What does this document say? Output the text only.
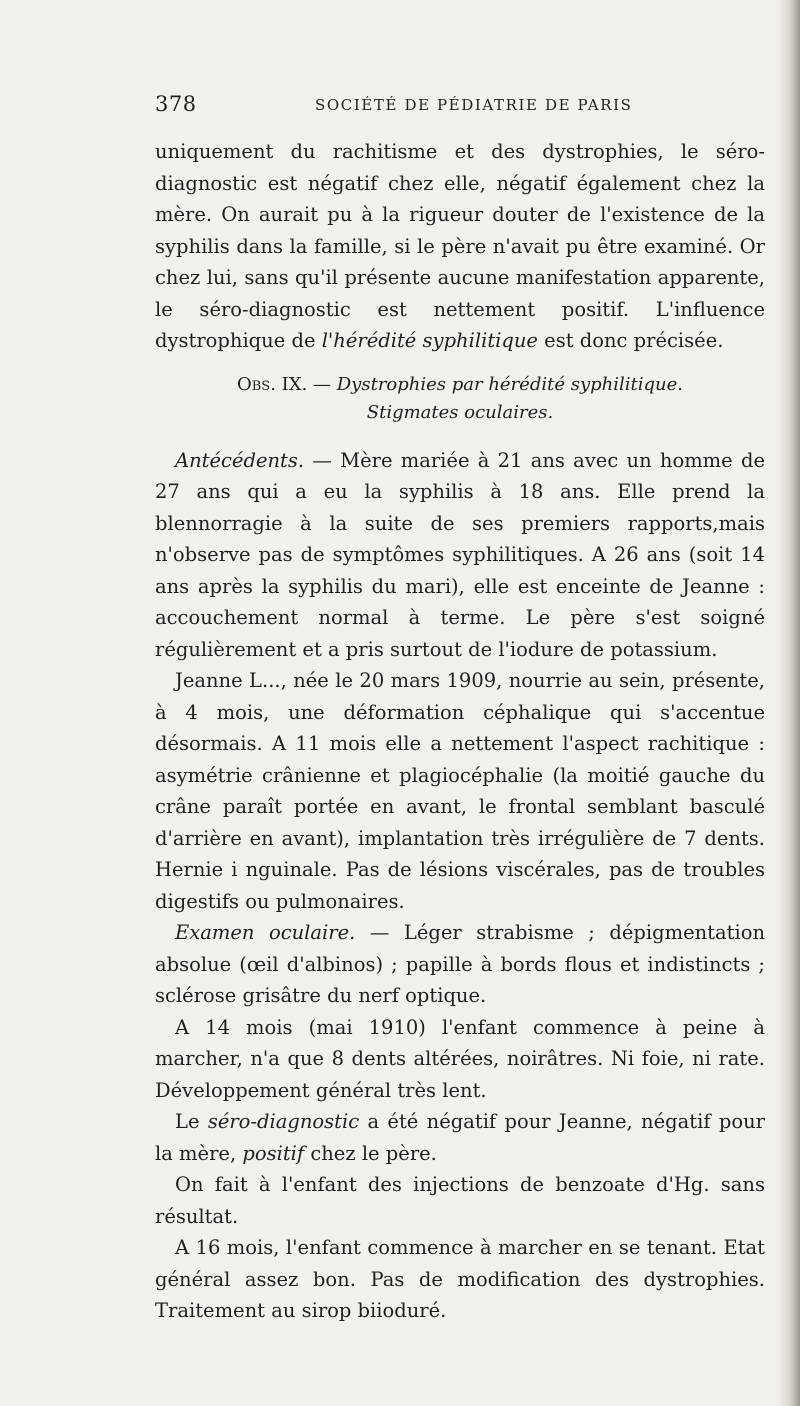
378	SOCIÉTÉ DE PÉDIATRIE DE PARIS

uniquement du rachitisme et des dystrophies, le séro-diagnostic est négatif chez elle, négatif également chez la mère. On aurait pu à la rigueur douter de l'existence de la syphilis dans la famille, si le père n'avait pu être examiné. Or chez lui, sans qu'il présente aucune manifestation apparente, le séro-diagnostic est nettement positif. L'influence dystrophique de l'hérédité syphilitique est donc précisée.

Obs. IX. — Dystrophies par hérédité syphilitique.
Stigmates oculaires.

Antécédents. — Mère mariée à 21 ans avec un homme de 27 ans qui a eu la syphilis à 18 ans. Elle prend la blennorragie à la suite de ses premiers rapports,mais n'observe pas de symptômes syphilitiques. A 26 ans (soit 14 ans après la syphilis du mari), elle est enceinte de Jeanne : accouchement normal à terme. Le père s'est soigné régulièrement et a pris surtout de l'iodure de potassium.

Jeanne L..., née le 20 mars 1909, nourrie au sein, présente, à 4 mois, une déformation céphalique qui s'accentue désormais. A 11 mois elle a nettement l'aspect rachitique : asymétrie crânienne et plagiocéphalie (la moitié gauche du crâne paraît portée en avant, le frontal semblant basculé d'arrière en avant), implantation très irrégulière de 7 dents. Hernie i nguinale. Pas de lésions viscérales, pas de troubles digestifs ou pulmonaires.

Examen oculaire. — Léger strabisme ; dépigmentation absolue (œil d'albinos) ; papille à bords flous et indistincts ; sclérose grisâtre du nerf optique.

A 14 mois (mai 1910) l'enfant commence à peine à marcher, n'a que 8 dents altérées, noirâtres. Ni foie, ni rate. Développement général très lent.

Le séro-diagnostic a été négatif pour Jeanne, négatif pour la mère, positif chez le père.

On fait à l'enfant des injections de benzoate d'Hg. sans résultat.

A 16 mois, l'enfant commence à marcher en se tenant. Etat général assez bon. Pas de modification des dystrophies. Traitement au sirop biioduré.
